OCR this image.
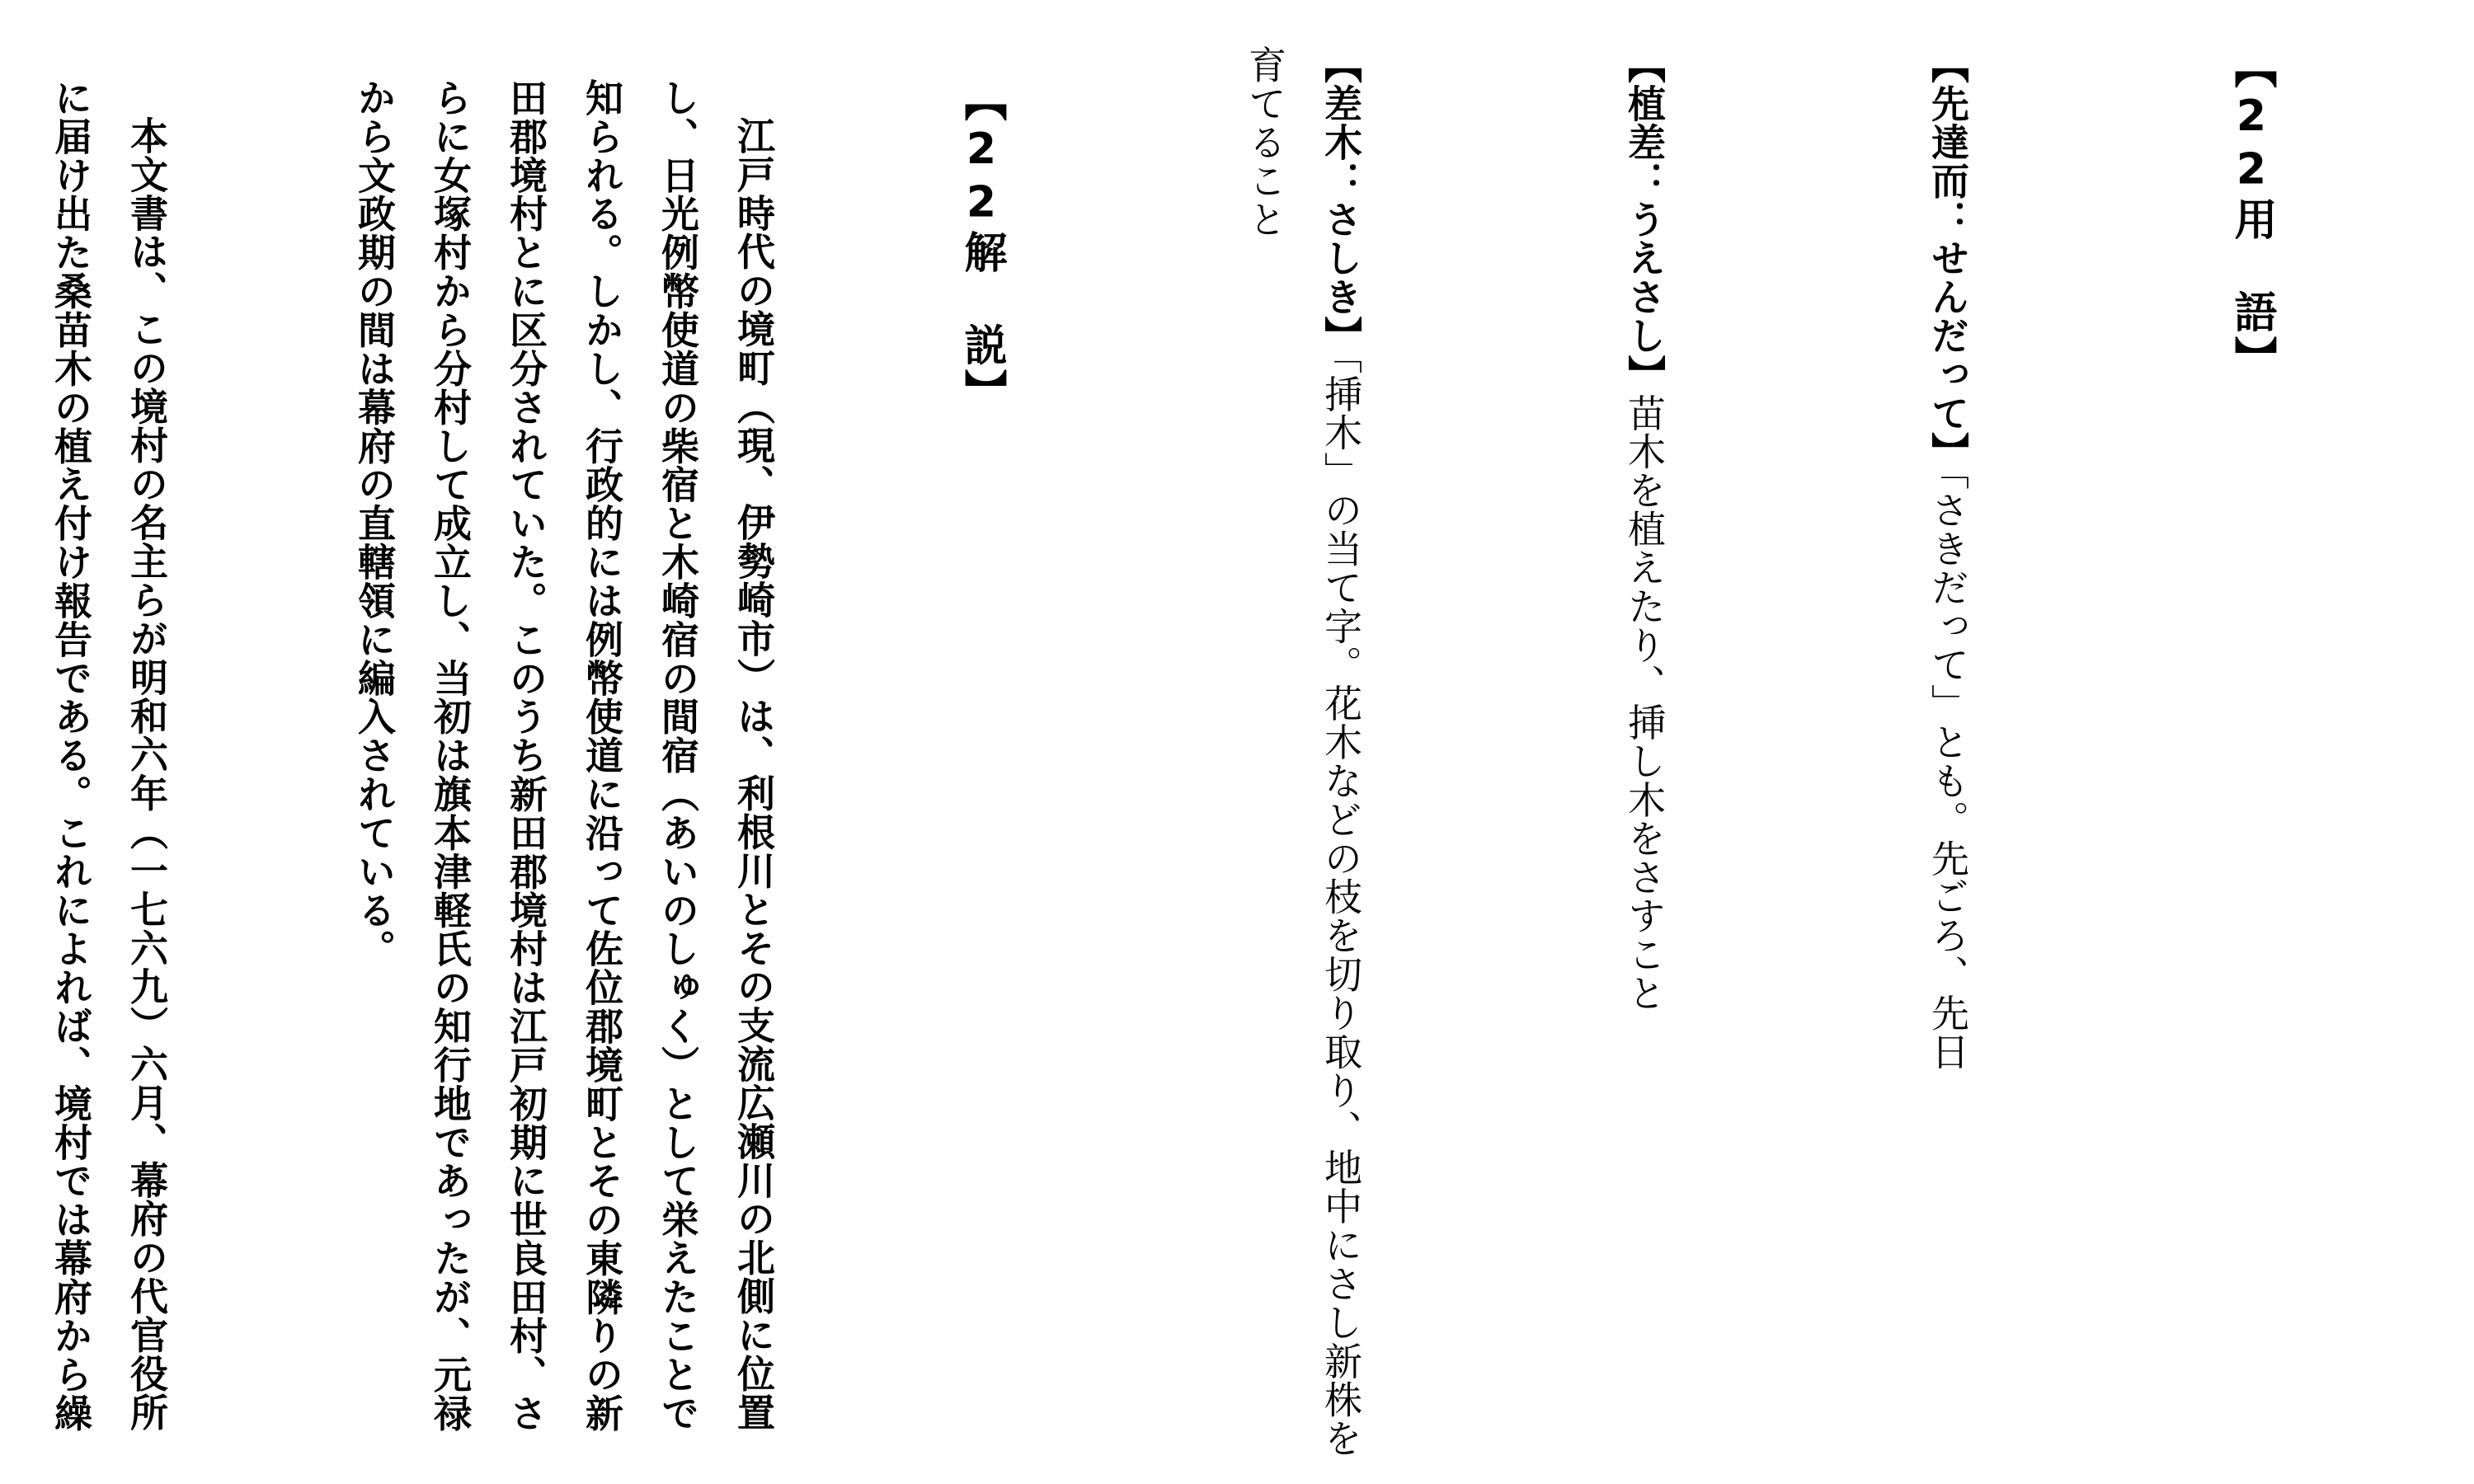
【22用　語】

【先達而：せんだって】「さきだって」とも。先ごろ、先日

【植差：うえさし】苗木を植えたり、挿し木をさすこと

【差木：さしき】「挿木」の当て字。花木などの枝を切り取り、地中にさし新株を育てること

【22解　説】

江戸時代の境町（現、伊勢崎市）は、利根川とその支流広瀬川の北側に位置し、日光例幣使道の柴宿と木崎宿の間宿（あいのしゅく）として栄えたことで知られる。しかし、行政的には例幣使道に沿って佐位郡境町とその東隣りの新田郡境村とに区分されていた。このうち新田郡境村は江戸初期に世良田村、さらに女塚村から分村して成立し、当初は旗本津軽氏の知行地であったが、元禄から文政期の間は幕府の直轄領に編入されている。

本文書は、この境村の名主らが明和六年（一七六九）六月、幕府の代官役所に届け出た桑苗木の植え付け報告である。これによれば、境村では幕府から繰
